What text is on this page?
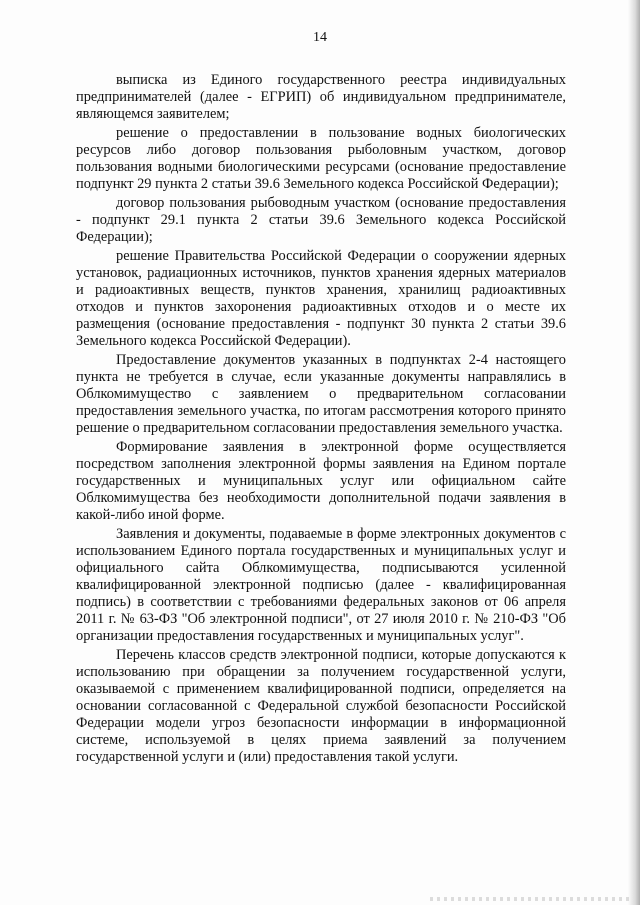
14

выписка из Единого государственного реестра индивидуальных предпринимателей (далее - ЕГРИП) об индивидуальном предпринимателе, являющемся заявителем;

решение о предоставлении в пользование водных биологических ресурсов либо договор пользования рыболовным участком, договор пользования водными биологическими ресурсами (основание предоставление подпункт 29 пункта 2 статьи 39.6 Земельного кодекса Российской Федерации);

договор пользования рыбоводным участком (основание предоставления - подпункт 29.1 пункта 2 статьи 39.6 Земельного кодекса Российской Федерации);

решение Правительства Российской Федерации о сооружении ядерных установок, радиационных источников, пунктов хранения ядерных материалов и радиоактивных веществ, пунктов хранения, хранилищ радиоактивных отходов и пунктов захоронения радиоактивных отходов и о месте их размещения (основание предоставления - подпункт 30 пункта 2 статьи 39.6 Земельного кодекса Российской Федерации).

Предоставление документов указанных в подпунктах 2-4 настоящего пункта не требуется в случае, если указанные документы направлялись в Облкомимущество с заявлением о предварительном согласовании предоставления земельного участка, по итогам рассмотрения которого принято решение о предварительном согласовании предоставления земельного участка.

Формирование заявления в электронной форме осуществляется посредством заполнения электронной формы заявления на Едином портале государственных и муниципальных услуг или официальном сайте Облкомимущества без необходимости дополнительной подачи заявления в какой-либо иной форме.

Заявления и документы, подаваемые в форме электронных документов с использованием Единого портала государственных и муниципальных услуг и официального сайта Облкомимущества, подписываются усиленной квалифицированной электронной подписью (далее - квалифицированная подпись) в соответствии с требованиями федеральных законов от 06 апреля 2011 г. № 63-ФЗ "Об электронной подписи", от 27 июля 2010 г. № 210-ФЗ "Об организации предоставления государственных и муниципальных услуг".

Перечень классов средств электронной подписи, которые допускаются к использованию при обращении за получением государственной услуги, оказываемой с применением квалифицированной подписи, определяется на основании согласованной с Федеральной службой безопасности Российской Федерации модели угроз безопасности информации в информационной системе, используемой в целях приема заявлений за получением государственной услуги и (или) предоставления такой услуги.
